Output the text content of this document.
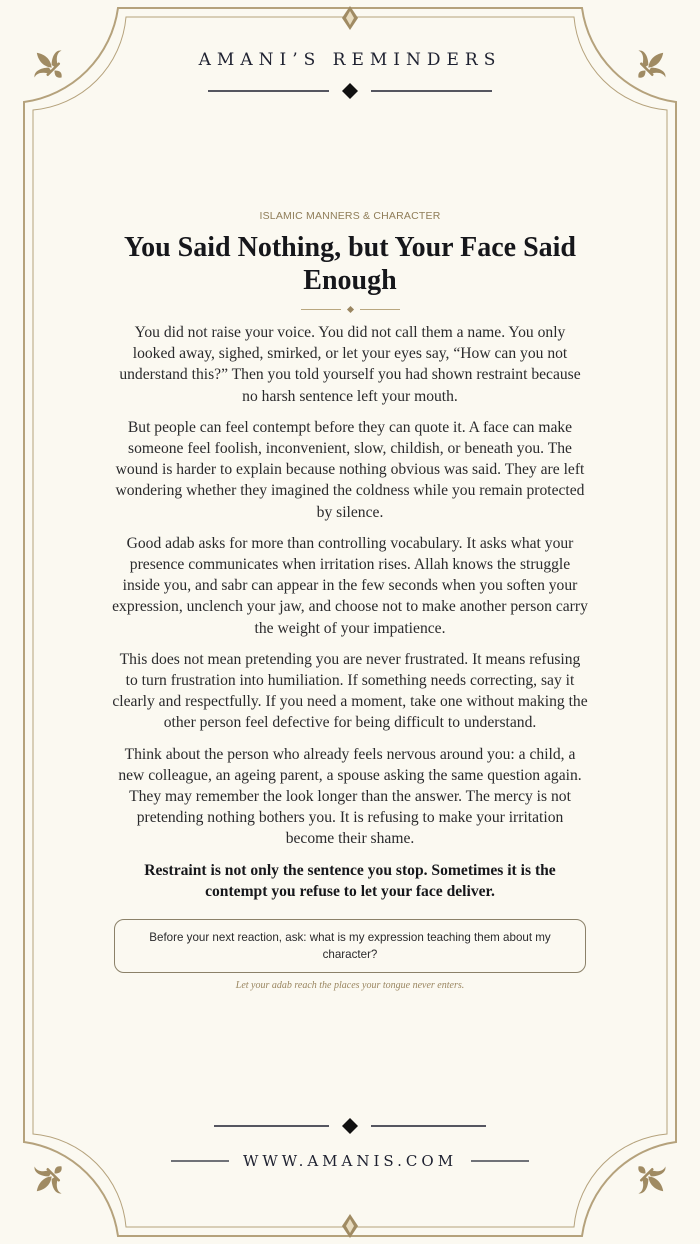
AMANI’S REMINDERS
ISLAMIC MANNERS & CHARACTER
You Said Nothing, but Your Face Said Enough

You did not raise your voice. You did not call them a name. You only looked away, sighed, smirked, or let your eyes say, “How can you not understand this?” Then you told yourself you had shown restraint because no harsh sentence left your mouth.

But people can feel contempt before they can quote it. A face can make someone feel foolish, inconvenient, slow, childish, or beneath you. The wound is harder to explain because nothing obvious was said. They are left wondering whether they imagined the coldness while you remain protected by silence.

Good adab asks for more than controlling vocabulary. It asks what your presence communicates when irritation rises. Allah knows the struggle inside you, and sabr can appear in the few seconds when you soften your expression, unclench your jaw, and choose not to make another person carry the weight of your impatience.

This does not mean pretending you are never frustrated. It means refusing to turn frustration into humiliation. If something needs correcting, say it clearly and respectfully. If you need a moment, take one without making the other person feel defective for being difficult to understand.

Think about the person who already feels nervous around you: a child, a new colleague, an ageing parent, a spouse asking the same question again. They may remember the look longer than the answer. The mercy is not pretending nothing bothers you. It is refusing to make your irritation become their shame.

Restraint is not only the sentence you stop. Sometimes it is the contempt you refuse to let your face deliver.

Before your next reaction, ask: what is my expression teaching them about my character?
Let your adab reach the places your tongue never enters.
WWW.AMANIS.COM
